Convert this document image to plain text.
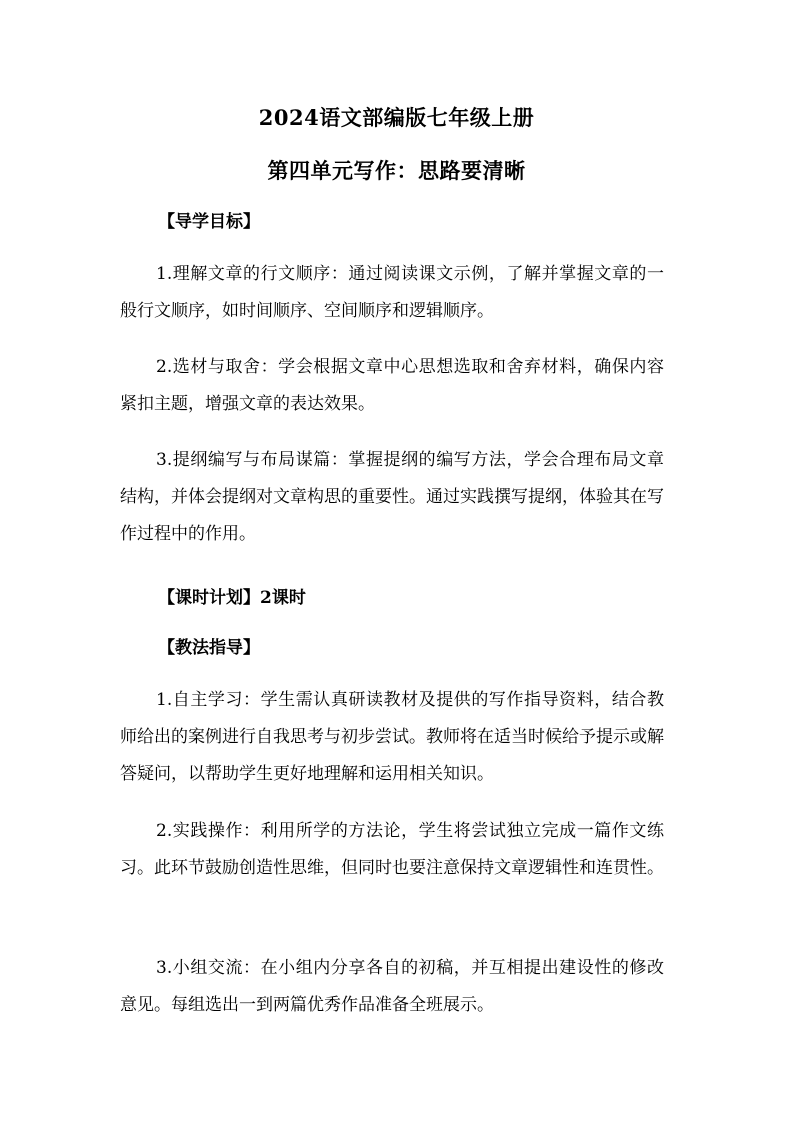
2024语文部编版七年级上册
第四单元写作：思路要清晰
【导学目标】
1.理解文章的行文顺序：通过阅读课文示例，了解并掌握文章的一般行文顺序，如时间顺序、空间顺序和逻辑顺序。
2.选材与取舍：学会根据文章中心思想选取和舍弃材料，确保内容紧扣主题，增强文章的表达效果。
3.提纲编写与布局谋篇：掌握提纲的编写方法，学会合理布局文章结构，并体会提纲对文章构思的重要性。通过实践撰写提纲，体验其在写作过程中的作用。
【课时计划】2课时
【教法指导】
1.自主学习：学生需认真研读教材及提供的写作指导资料，结合教师给出的案例进行自我思考与初步尝试。教师将在适当时候给予提示或解答疑问，以帮助学生更好地理解和运用相关知识。
2.实践操作：利用所学的方法论，学生将尝试独立完成一篇作文练习。此环节鼓励创造性思维，但同时也要注意保持文章逻辑性和连贯性。
3.小组交流：在小组内分享各自的初稿，并互相提出建设性的修改意见。每组选出一到两篇优秀作品准备全班展示。
